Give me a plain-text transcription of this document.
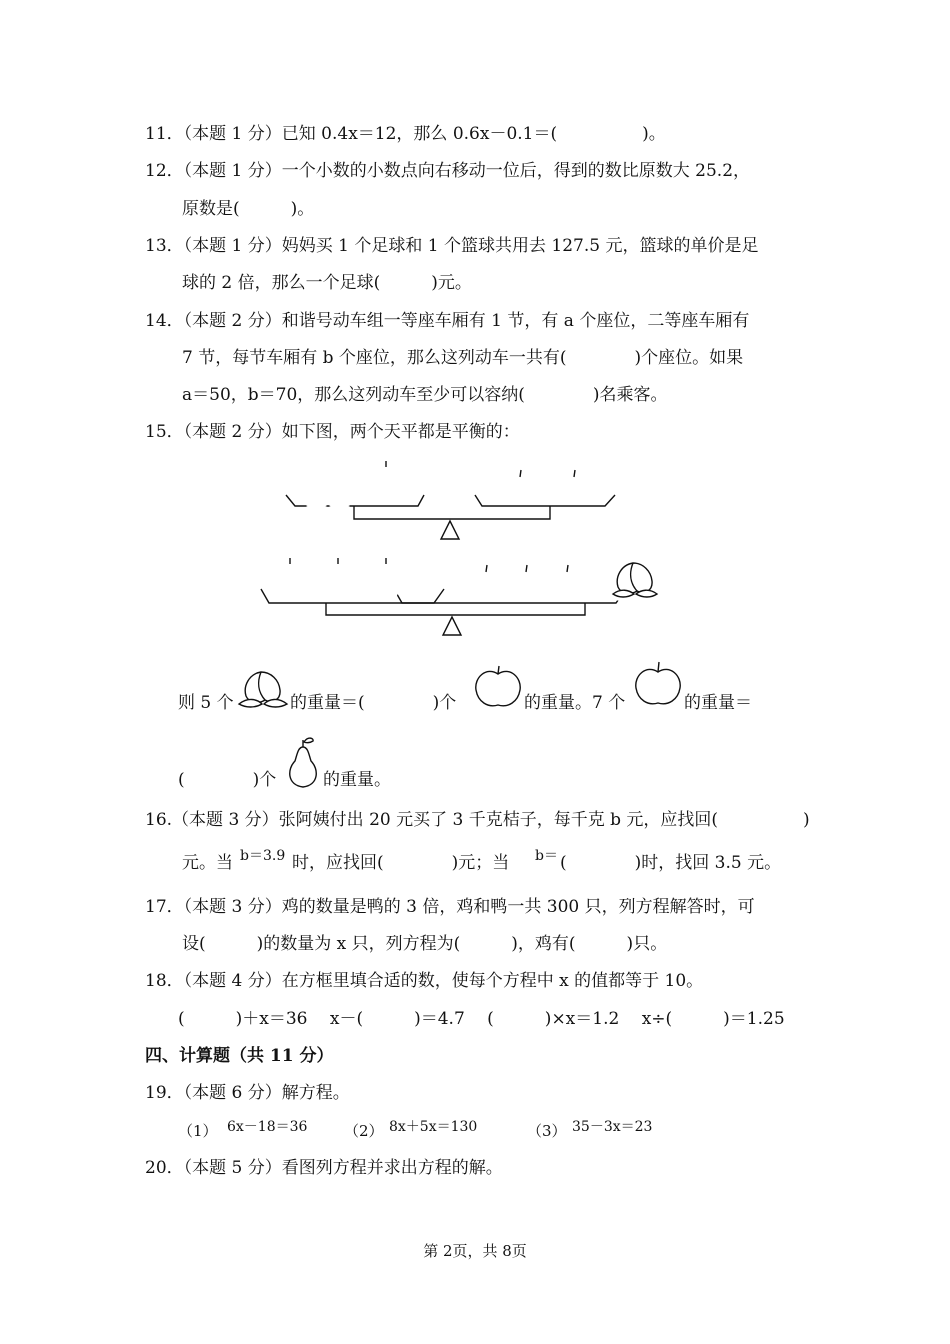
11．（本题 1 分）已知 0.4x＝12，那么 0.6x－0.1＝(　　　　　)。
12．（本题 1 分）一个小数的小数点向右移动一位后，得到的数比原数大 25.2，
原数是(　　　)。
13．（本题 1 分）妈妈买 1 个足球和 1 个篮球共用去 127.5 元，篮球的单价是足
球的 2 倍，那么一个足球(　　　)元。
14．（本题 2 分）和谐号动车组一等座车厢有 1 节，有 a 个座位，二等座车厢有
7 节，每节车厢有 b 个座位，那么这列动车一共有(　　　　)个座位。如果
a＝50，b＝70，那么这列动车至少可以容纳(　　　　)名乘客。
15．（本题 2 分）如下图，两个天平都是平衡的：
则 5 个	的重量＝(　　　　)个	的重量。7 个	的重量＝
(　　　　)个	的重量。
16.（本题 3 分）张阿姨付出 20 元买了 3 千克桔子，每千克 b 元，应找回(　　　　　)
元。当 b＝3.9 时，应找回(　　　　)元；当 b＝ (　　　　)时，找回 3.5 元。
17．（本题 3 分）鸡的数量是鸭的 3 倍，鸡和鸭一共 300 只，列方程解答时，可
设(　　　)的数量为 x 只，列方程为(　　　)，鸡有(　　　)只。
18．（本题 4 分）在方框里填合适的数，使每个方程中 x 的值都等于 10。
(　　　)＋x＝36　 x－(　　　)＝4.7　 (　　　)×x＝1.2　 x÷(　　　)＝1.25
四、计算题（共 11 分）
19．（本题 6 分）解方程。
（1） 6x－18＝36 （2） 8x＋5x＝130	（3） 35－3x＝23
20．（本题 5 分）看图列方程并求出方程的解。
第 2页，共 8页
